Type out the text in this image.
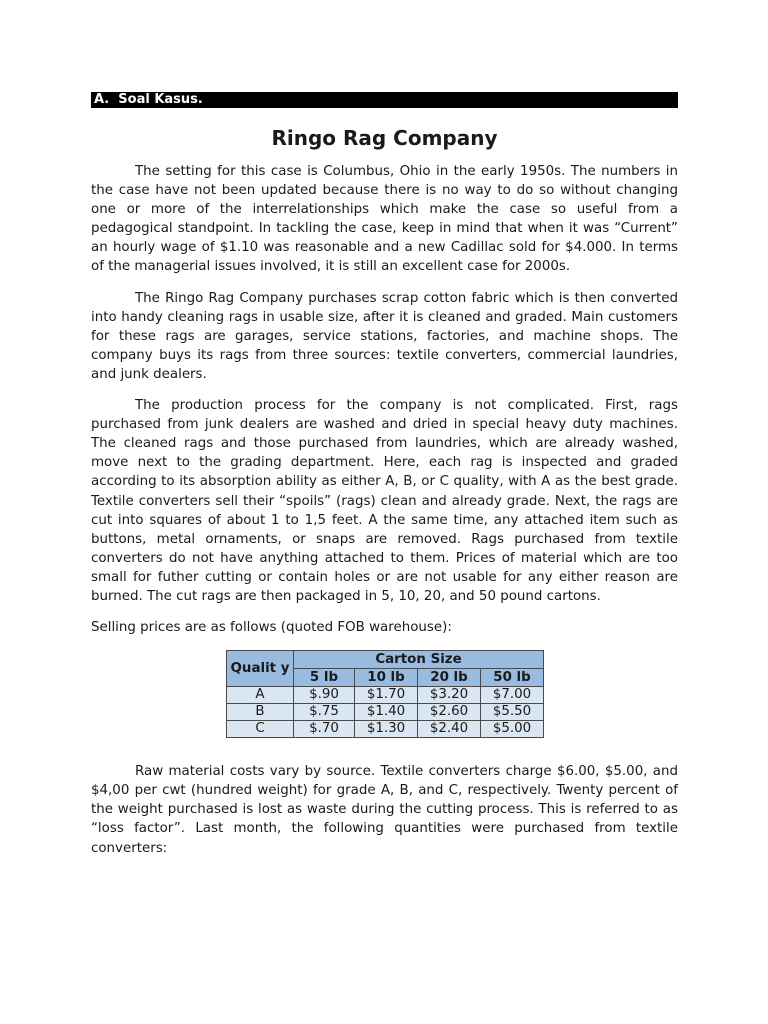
A.  Soal Kasus.
Ringo Rag Company

The setting for this case is Columbus, Ohio in the early 1950s. The numbers in the case have not been updated because there is no way to do so without changing one or more of the interrelationships which make the case so useful from a pedagogical standpoint. In tackling the case, keep in mind that when it was “Current” an hourly wage of $1.10 was reasonable and a new Cadillac sold for $4.000. In terms of the managerial issues involved, it is still an excellent case for 2000s.

The Ringo Rag Company purchases scrap cotton fabric which is then converted into handy cleaning rags in usable size, after it is cleaned and graded. Main customers for these rags are garages, service stations, factories, and machine shops. The company buys its rags from three sources: textile converters, commercial laundries, and junk dealers.

The production process for the company is not complicated. First, rags purchased from junk dealers are washed and dried in special heavy duty machines. The cleaned rags and those purchased from laundries, which are already washed, move next to the grading department. Here, each rag is inspected and graded according to its absorption ability as either A, B, or C quality, with A as the best grade. Textile converters sell their “spoils” (rags) clean and already grade. Next, the rags are cut into squares of about 1 to 1,5 feet. A the same time, any attached item such as buttons, metal ornaments, or snaps are removed. Rags purchased from textile converters do not have anything attached to them. Prices of material which are too small for futher cutting or contain holes or are not usable for any either reason are burned. The cut rags are then packaged in 5, 10, 20, and 50 pound cartons.

Selling prices are as follows (quoted FOB warehouse):

Qualit y	Carton Size			
	5 lb	10 lb	20 lb	50 lb
A	$.90	$1.70	$3.20	$7.00
B	$.75	$1.40	$2.60	$5.50
C	$.70	$1.30	$2.40	$5.00

Raw material costs vary by source. Textile converters charge $6.00, $5.00, and $4,00 per cwt (hundred weight) for grade A, B, and C, respectively. Twenty percent of the weight purchased is lost as waste during the cutting process. This is referred to as “loss factor”. Last month, the following quantities were purchased from textile converters:
